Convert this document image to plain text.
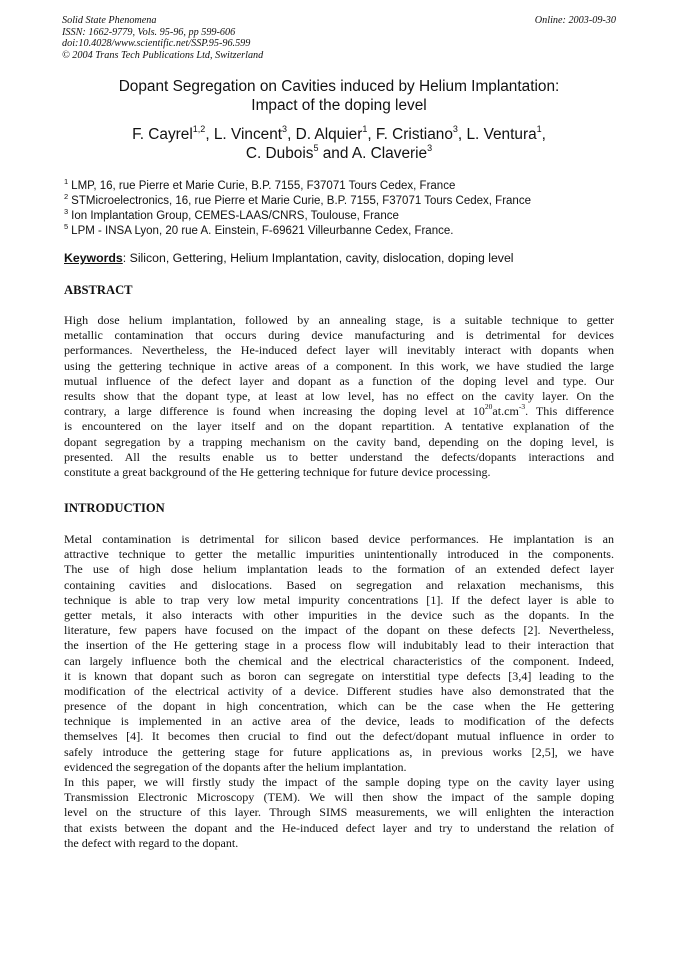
Solid State Phenomena
ISSN: 1662-9779, Vols. 95-96, pp 599-606
doi:10.4028/www.scientific.net/SSP.95-96.599
© 2004 Trans Tech Publications Ltd, Switzerland
Online: 2003-09-30
Dopant Segregation on Cavities induced by Helium Implantation:
Impact of the doping level
F. Cayrel$^{1,2}$, L. Vincent$^3$, D. Alquier$^1$, F. Cristiano$^3$, L. Ventura$^1$,
C. Dubois$^5$ and A. Claverie$^3$
$^1$ LMP, 16, rue Pierre et Marie Curie, B.P. 7155, F37071 Tours Cedex, France
$^2$ STMicroelectronics, 16, rue Pierre et Marie Curie, B.P. 7155, F37071 Tours Cedex, France
$^3$ Ion Implantation Group, CEMES-LAAS/CNRS, Toulouse, France
$^5$ LPM - INSA Lyon, 20 rue A. Einstein, F-69621 Villeurbanne Cedex, France.
Keywords: Silicon, Gettering, Helium Implantation, cavity, dislocation, doping level
ABSTRACT
High dose helium implantation, followed by an annealing stage, is a suitable technique to getter
metallic contamination that occurs during device manufacturing and is detrimental for devices
performances. Nevertheless, the He-induced defect layer will inevitably interact with dopants when
using the gettering technique in active areas of a component. In this work, we have studied the large
mutual influence of the defect layer and dopant as a function of the doping level and type. Our
results show that the dopant type, at least at low level, has no effect on the cavity layer. On the
contrary, a large difference is found when increasing the doping level at $10^{20}at.cm^{-3}$. This difference
is encountered on the layer itself and on the dopant repartition. A tentative explanation of the
dopant segregation by a trapping mechanism on the cavity band, depending on the doping level, is
presented. All the results enable us to better understand the defects/dopants interactions and
constitute a great background of the He gettering technique for future device processing.
INTRODUCTION
Metal contamination is detrimental for silicon based device performances. He implantation is an
attractive technique to getter the metallic impurities unintentionally introduced in the components.
The use of high dose helium implantation leads to the formation of an extended defect layer
containing cavities and dislocations. Based on segregation and relaxation mechanisms, this
technique is able to trap very low metal impurity concentrations [1]. If the defect layer is able to
getter metals, it also interacts with other impurities in the device such as the dopants. In the
literature, few papers have focused on the impact of the dopant on these defects [2]. Nevertheless,
the insertion of the He gettering stage in a process flow will indubitably lead to their interaction that
can largely influence both the chemical and the electrical characteristics of the component. Indeed,
it is known that dopant such as boron can segregate on interstitial type defects [3,4] leading to the
modification of the electrical activity of a device. Different studies have also demonstrated that the
presence of the dopant in high concentration, which can be the case when the He gettering
technique is implemented in an active area of the device, leads to modification of the defects
themselves [4]. It becomes then crucial to find out the defect/dopant mutual influence in order to
safely introduce the gettering stage for future applications as, in previous works [2,5], we have
evidenced the segregation of the dopants after the helium implantation.
In this paper, we will firstly study the impact of the sample doping type on the cavity layer using
Transmission Electronic Microscopy (TEM). We will then show the impact of the sample doping
level on the structure of this layer. Through SIMS measurements, we will enlighten the interaction
that exists between the dopant and the He-induced defect layer and try to understand the relation of
the defect with regard to the dopant.
